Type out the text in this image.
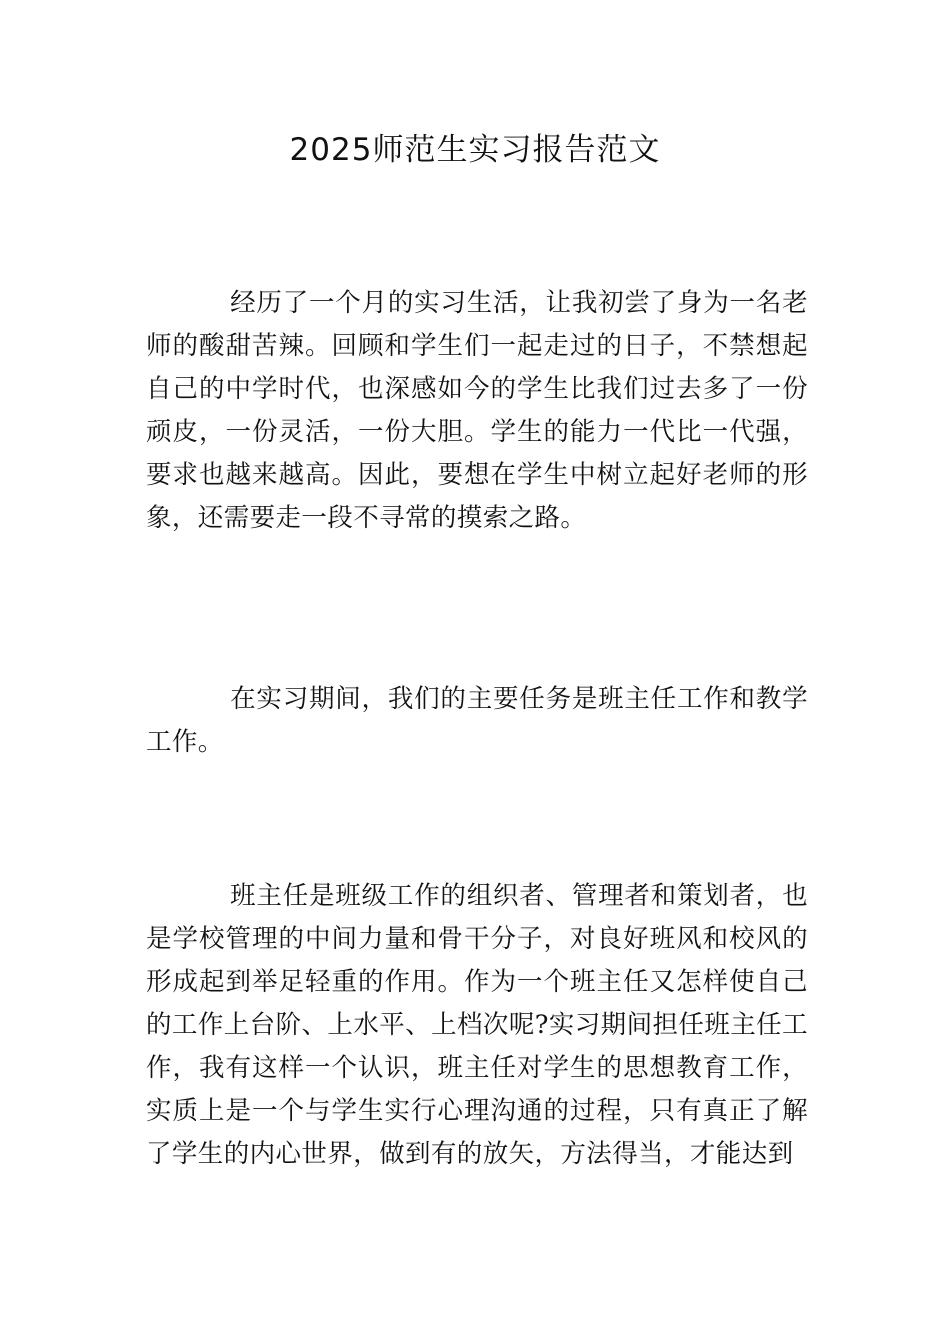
2025师范生实习报告范文

经历了一个月的实习生活，让我初尝了身为一名老师的酸甜苦辣。回顾和学生们一起走过的日子，不禁想起自己的中学时代，也深感如今的学生比我们过去多了一份顽皮，一份灵活，一份大胆。学生的能力一代比一代强，要求也越来越高。因此，要想在学生中树立起好老师的形象，还需要走一段不寻常的摸索之路。

在实习期间，我们的主要任务是班主任工作和教学工作。

班主任是班级工作的组织者、管理者和策划者，也是学校管理的中间力量和骨干分子，对良好班风和校风的形成起到举足轻重的作用。作为一个班主任又怎样使自己的工作上台阶、上水平、上档次呢?实习期间担任班主任工作，我有这样一个认识，班主任对学生的思想教育工作，实质上是一个与学生实行心理沟通的过程，只有真正了解了学生的内心世界，做到有的放矢，方法得当，才能达到
